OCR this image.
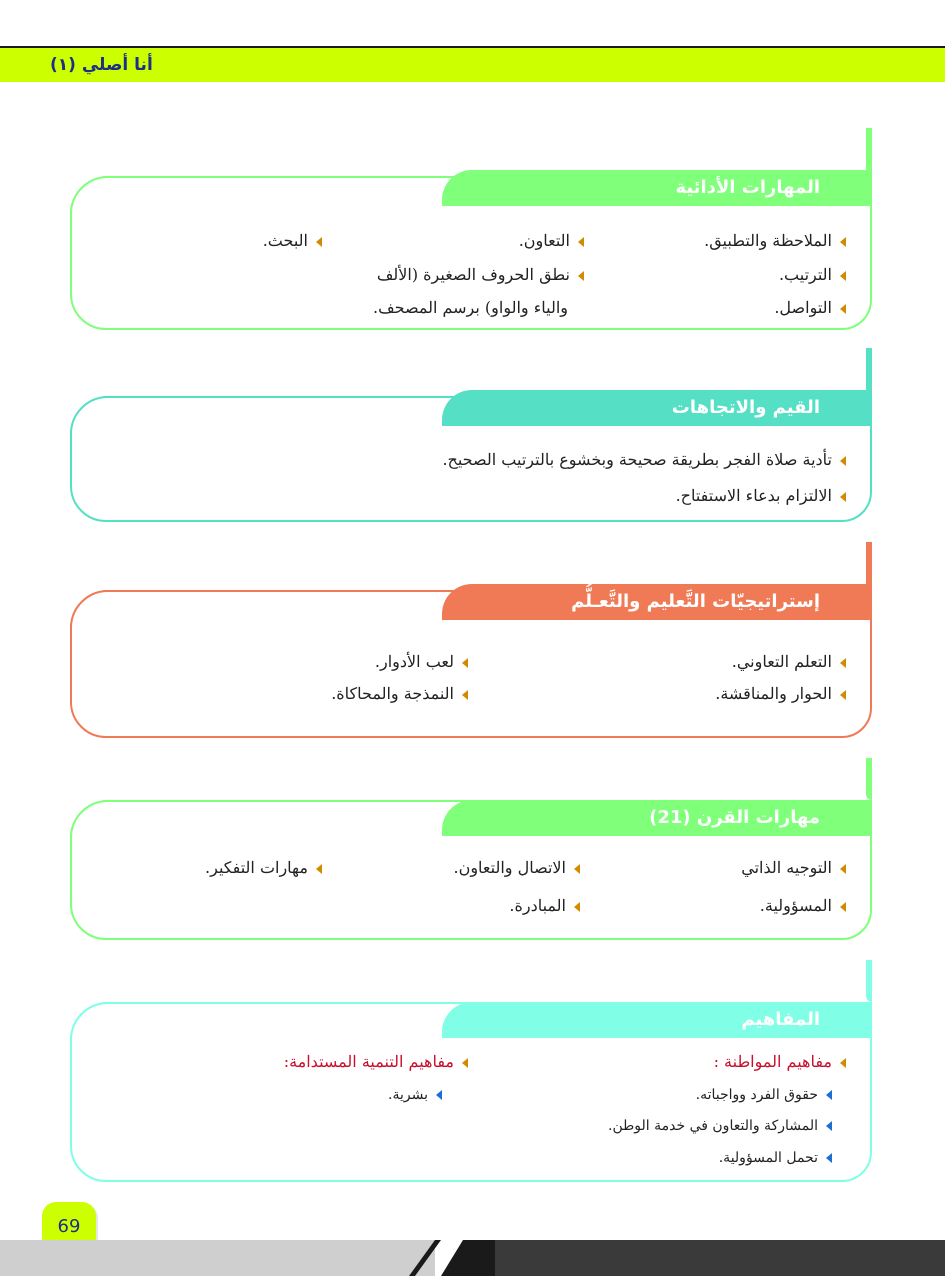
أنا أصلي (١)
المهارات الأدائية
الملاحظة والتطبيق.
التعاون.
البحث.
الترتيب.
نطق الحروف الصغيرة (الألف
التواصل.
والياء والواو) برسم المصحف.
القيم والاتجاهات
تأدية صلاة الفجر بطريقة صحيحة وبخشوع بالترتيب الصحيح.
الالتزام بدعاء الاستفتاح.
إستراتيجيّات التَّعليم والتَّعـلُّم
التعلم التعاوني.
لعب الأدوار.
الحوار والمناقشة.
النمذجة والمحاكاة.
مهارات القرن (21)
التوجيه الذاتي
الاتصال والتعاون.
مهارات التفكير.
المسؤولية.
المبادرة.
المفاهيم
مفاهيم المواطنة :
مفاهيم التنمية المستدامة:
حقوق الفرد وواجباته.
بشرية.
المشاركة والتعاون في خدمة الوطن.
تحمل المسؤولية.
69
